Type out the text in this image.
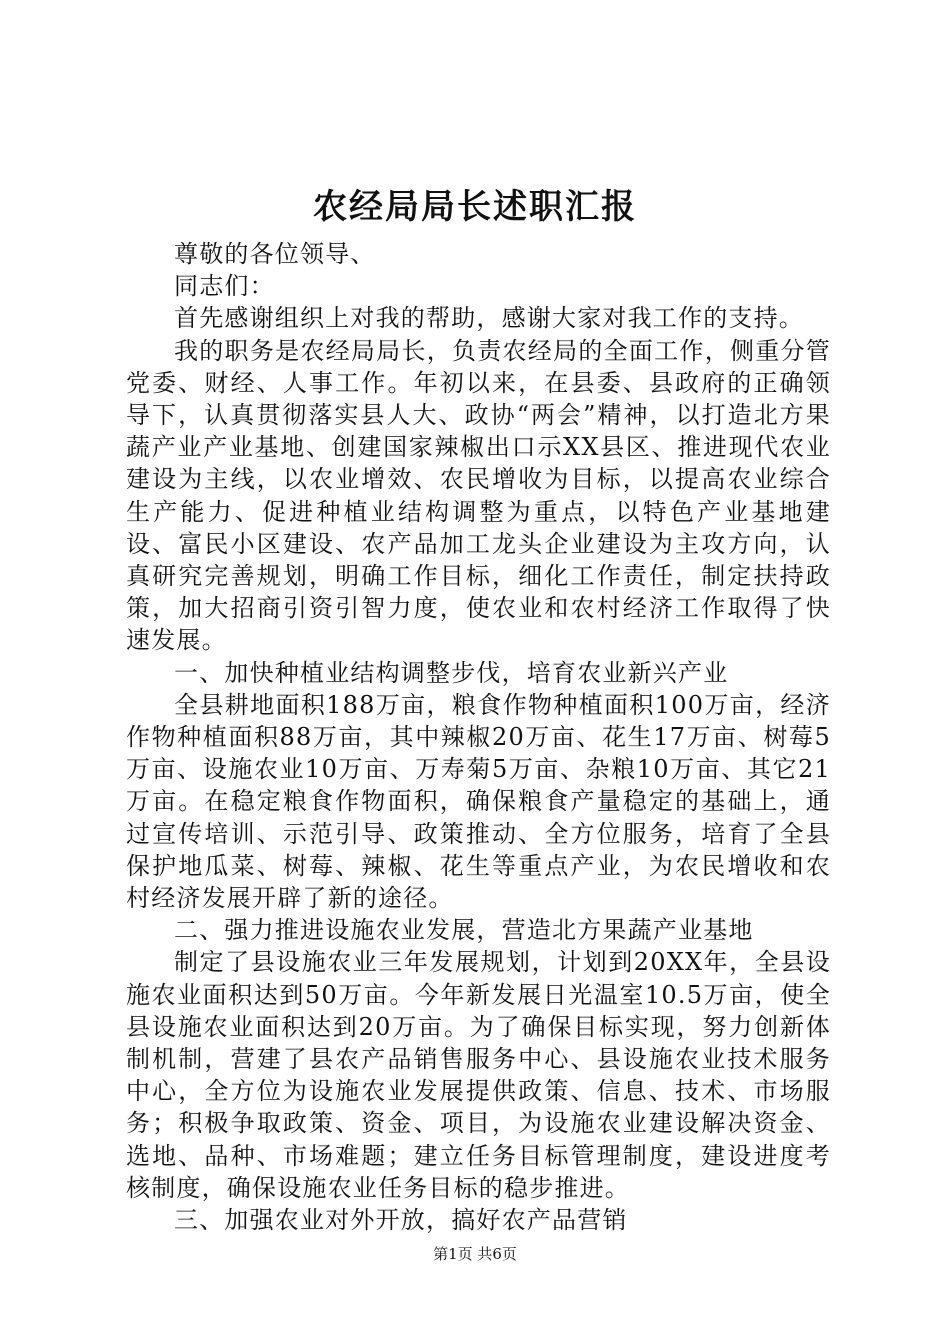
农经局局长述职汇报

尊敬的各位领导、

同志们：

首先感谢组织上对我的帮助，感谢大家对我工作的支持。

我的职务是农经局局长，负责农经局的全面工作，侧重分管党委、财经、人事工作。年初以来，在县委、县政府的正确领导下，认真贯彻落实县人大、政协“两会”精神，以打造北方果蔬产业产业基地、创建国家辣椒出口示XX县区、推进现代农业建设为主线，以农业增效、农民增收为目标，以提高农业综合生产能力、促进种植业结构调整为重点，以特色产业基地建设、富民小区建设、农产品加工龙头企业建设为主攻方向，认真研究完善规划，明确工作目标，细化工作责任，制定扶持政策，加大招商引资引智力度，使农业和农村经济工作取得了快速发展。

一、加快种植业结构调整步伐，培育农业新兴产业

全县耕地面积188万亩，粮食作物种植面积100万亩，经济作物种植面积88万亩，其中辣椒20万亩、花生17万亩、树莓5万亩、设施农业10万亩、万寿菊5万亩、杂粮10万亩、其它21万亩。在稳定粮食作物面积，确保粮食产量稳定的基础上，通过宣传培训、示范引导、政策推动、全方位服务，培育了全县保护地瓜菜、树莓、辣椒、花生等重点产业，为农民增收和农村经济发展开辟了新的途径。

二、强力推进设施农业发展，营造北方果蔬产业基地

制定了县设施农业三年发展规划，计划到20XX年，全县设施农业面积达到50万亩。今年新发展日光温室10.5万亩，使全县设施农业面积达到20万亩。为了确保目标实现，努力创新体制机制，营建了县农产品销售服务中心、县设施农业技术服务中心，全方位为设施农业发展提供政策、信息、技术、市场服务；积极争取政策、资金、项目，为设施农业建设解决资金、选地、品种、市场难题；建立任务目标管理制度，建设进度考核制度，确保设施农业任务目标的稳步推进。

三、加强农业对外开放，搞好农产品营销

第1页 共6页
